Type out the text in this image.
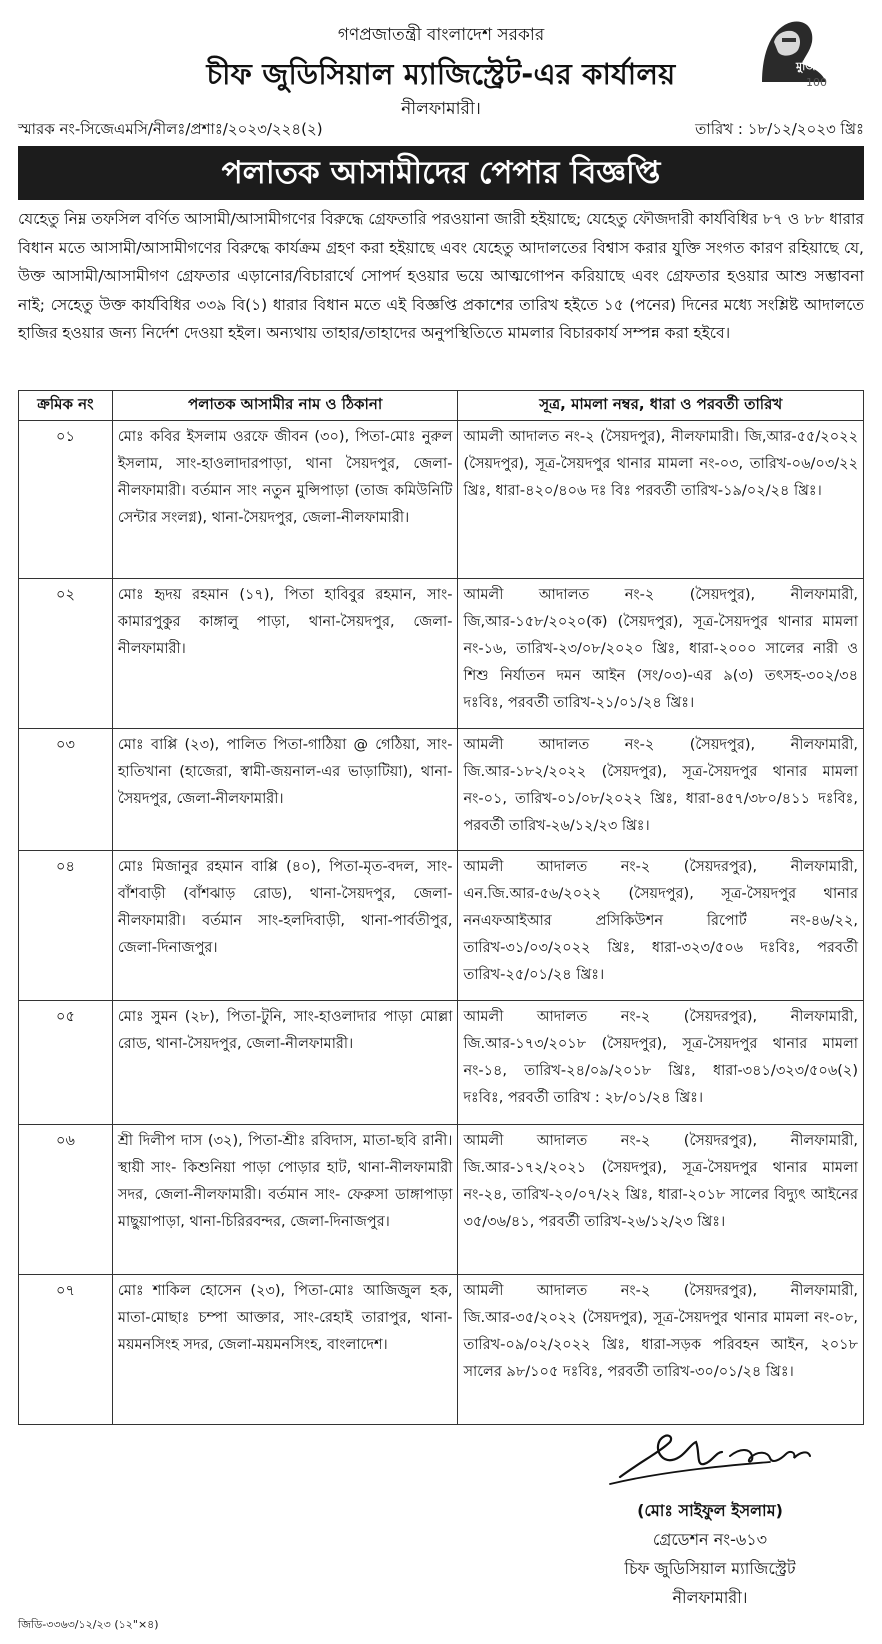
গণপ্রজাতন্ত্রী বাংলাদেশ সরকার
চীফ জুডিসিয়াল ম্যাজিস্ট্রেট-এর কার্যালয়
নীলফামারী।
মুজিব
100
স্মারক নং-সিজেএমসি/নীলঃ/প্রশাঃ/২০২৩/২২৪(২)	তারিখ : ১৮/১২/২০২৩ খ্রিঃ
পলাতক আসামীদের পেপার বিজ্ঞপ্তি
যেহেতু নিম্ন তফসিল বর্ণিত আসামী/আসামীগণের বিরুদ্ধে গ্রেফতারি পরওয়ানা জারী হইয়াছে; যেহেতু ফৌজদারী কার্যবিধির ৮৭ ও ৮৮ ধারার বিধান মতে আসামী/আসামীগণের বিরুদ্ধে কার্যক্রম গ্রহণ করা হইয়াছে এবং যেহেতু আদালতের বিশ্বাস করার যুক্তি সংগত কারণ রহিয়াছে যে, উক্ত আসামী/আসামীগণ গ্রেফতার এড়ানোর/বিচারার্থে সোপর্দ হওয়ার ভয়ে আত্মগোপন করিয়াছে এবং গ্রেফতার হওয়ার আশু সম্ভাবনা নাই; সেহেতু উক্ত কার্যবিধির ৩৩৯ বি(১) ধারার বিধান মতে এই বিজ্ঞপ্তি প্রকাশের তারিখ হইতে ১৫ (পনের) দিনের মধ্যে সংশ্লিষ্ট আদালতে হাজির হওয়ার জন্য নির্দেশ দেওয়া হইল। অন্যথায় তাহার/তাহাদের অনুপস্থিতিতে মামলার বিচারকার্য সম্পন্ন করা হইবে।
ক্রমিক নং	পলাতক আসামীর নাম ও ঠিকানা	সূত্র, মামলা নম্বর, ধারা ও পরবর্তী তারিখ
০১	মোঃ কবির ইসলাম ওরফে জীবন (৩০), পিতা-মোঃ নুরুল ইসলাম, সাং-হাওলাদারপাড়া, থানা সৈয়দপুর, জেলা-নীলফামারী। বর্তমান সাং নতুন মুন্সিপাড়া (তাজ কমিউনিটি সেন্টার সংলগ্ন), থানা-সৈয়দপুর, জেলা-নীলফামারী।	আমলী আদালত নং-২ (সৈয়দপুর), নীলফামারী। জি,আর-৫৫/২০২২ (সৈয়দপুর), সূত্র-সৈয়দপুর থানার মামলা নং-০৩, তারিখ-০৬/০৩/২২ খ্রিঃ, ধারা-৪২০/৪০৬ দঃ বিঃ পরবর্তী তারিখ-১৯/০২/২৪ খ্রিঃ।
০২	মোঃ হৃদয় রহমান (১৭), পিতা হাবিবুর রহমান, সাং-কামারপুকুর কাঙ্গালু পাড়া, থানা-সৈয়দপুর, জেলা-নীলফামারী।	আমলী আদালত নং-২ (সৈয়দপুর), নীলফামারী, জি,আর-১৫৮/২০২০(ক) (সৈয়দপুর), সূত্র-সৈয়দপুর থানার মামলা নং-১৬, তারিখ-২৩/০৮/২০২০ খ্রিঃ, ধারা-২০০০ সালের নারী ও শিশু নির্যাতন দমন আইন (সং/০৩)-এর ৯(৩) তৎসহ-৩০২/৩৪ দঃবিঃ, পরবর্তী তারিখ-২১/০১/২৪ খ্রিঃ।
০৩	মোঃ বাপ্পি (২৩), পালিত পিতা-গাঠিয়া @ গেঠিয়া, সাং-হাতিখানা (হাজেরা, স্বামী-জয়নাল-এর ভাড়াটিয়া), থানা-সৈয়দপুর, জেলা-নীলফামারী।	আমলী আদালত নং-২ (সৈয়দপুর), নীলফামারী, জি.আর-১৮২/২০২২ (সৈয়দপুর), সূত্র-সৈয়দপুর থানার মামলা নং-০১, তারিখ-০১/০৮/২০২২ খ্রিঃ, ধারা-৪৫৭/৩৮০/৪১১ দঃবিঃ, পরবর্তী তারিখ-২৬/১২/২৩ খ্রিঃ।
০৪	মোঃ মিজানুর রহমান বাপ্পি (৪০), পিতা-মৃত-বদল, সাং-বাঁশবাড়ী (বাঁশঝাড় রোড), থানা-সৈয়দপুর, জেলা-নীলফামারী। বর্তমান সাং-হলদিবাড়ী, থানা-পার্বতীপুর, জেলা-দিনাজপুর।	আমলী আদালত নং-২ (সৈয়দরপুর), নীলফামারী, এন.জি.আর-৫৬/২০২২ (সৈয়দপুর), সূত্র-সৈয়দপুর থানার ননএফআইআর প্রসিকিউশন রিপোর্ট নং-৪৬/২২, তারিখ-৩১/০৩/২০২২ খ্রিঃ, ধারা-৩২৩/৫০৬ দঃবিঃ, পরবর্তী তারিখ-২৫/০১/২৪ খ্রিঃ।
০৫	মোঃ সুমন (২৮), পিতা-টুনি, সাং-হাওলাদার পাড়া মোল্লা রোড, থানা-সৈয়দপুর, জেলা-নীলফামারী।	আমলী আদালত নং-২ (সৈয়দরপুর), নীলফামারী, জি.আর-১৭৩/২০১৮ (সৈয়দপুর), সূত্র-সৈয়দপুর থানার মামলা নং-১৪, তারিখ-২৪/০৯/২০১৮ খ্রিঃ, ধারা-৩৪১/৩২৩/৫০৬(২) দঃবিঃ, পরবর্তী তারিখ : ২৮/০১/২৪ খ্রিঃ।
০৬	শ্রী দিলীপ দাস (৩২), পিতা-শ্রীঃ রবিদাস, মাতা-ছবি রানী। স্থায়ী সাং- কিশুনিয়া পাড়া পোড়ার হাট, থানা-নীলফামারী সদর, জেলা-নীলফামারী। বর্তমান সাং- ফেরুসা ডাঙ্গাপাড়া মাছুয়াপাড়া, থানা-চিরিরবন্দর, জেলা-দিনাজপুর।	আমলী আদালত নং-২ (সৈয়দরপুর), নীলফামারী, জি.আর-১৭২/২০২১ (সৈয়দপুর), সূত্র-সৈয়দপুর থানার মামলা নং-২৪, তারিখ-২০/০৭/২২ খ্রিঃ, ধারা-২০১৮ সালের বিদ্যুৎ আইনের ৩৫/৩৬/৪১, পরবর্তী তারিখ-২৬/১২/২৩ খ্রিঃ।
০৭	মোঃ শাকিল হোসেন (২৩), পিতা-মোঃ আজিজুল হক, মাতা-মোছাঃ চম্পা আক্তার, সাং-রেহাই তারাপুর, থানা-ময়মনসিংহ সদর, জেলা-ময়মনসিংহ, বাংলাদেশ।	আমলী আদালত নং-২ (সৈয়দরপুর), নীলফামারী, জি.আর-৩৫/২০২২ (সৈয়দপুর), সূত্র-সৈয়দপুর থানার মামলা নং-০৮, তারিখ-০৯/০২/২০২২ খ্রিঃ, ধারা-সড়ক পরিবহন আইন, ২০১৮ সালের ৯৮/১০৫ দঃবিঃ, পরবর্তী তারিখ-৩০/০১/২৪ খ্রিঃ।
(মোঃ সাইফুল ইসলাম)
গ্রেডেশন নং-৬১৩
চিফ জুডিসিয়াল ম্যাজিস্ট্রেট
নীলফামারী।
জিডি-৩৩৬৩/১২/২৩ (১২"×৪)
